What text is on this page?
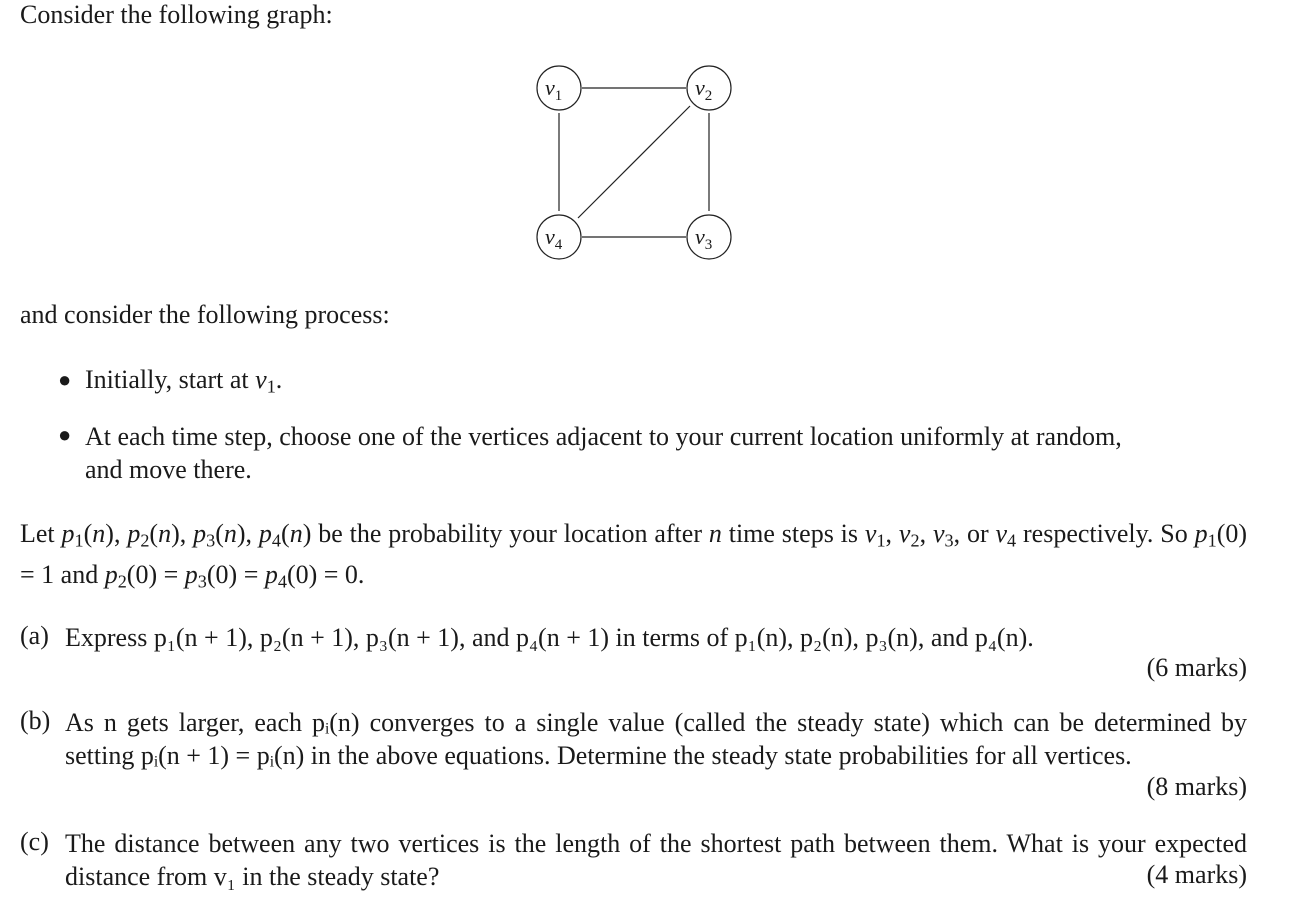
Consider the following graph:
$v_1$	$v_2$
$v_3$
$v_4$
and consider the following process:
● Initially, start at $v_1$.
● At each time step, choose one of the vertices adjacent to your current location uniformly at random,
and move there.
Let $p_1(n)$, $p_2(n)$, $p_3(n)$, $p_4(n)$ be the probability your location after n time steps is $v_1$, $v_2$, $v_3$, or $v_4$ respectively. So $p_1(0) = 1$ and $p_2(0) = p_3(0) = p_4(0) = 0$.
(a) Express p₁(n + 1), p₂(n + 1), p₃(n + 1), and p₄(n + 1) in terms of p₁(n), p₂(n), p₃(n), and p₄(n).
(6 marks)
(b) As n gets larger, each pᵢ(n) converges to a single value (called the steady state) which can be determined by setting pᵢ(n + 1) = pᵢ(n) in the above equations. Determine the steady state probabilities for all vertices.
(8 marks)
(c) The distance between any two vertices is the length of the shortest path between them. What is your expected distance from v₁ in the steady state?	(4 marks)
